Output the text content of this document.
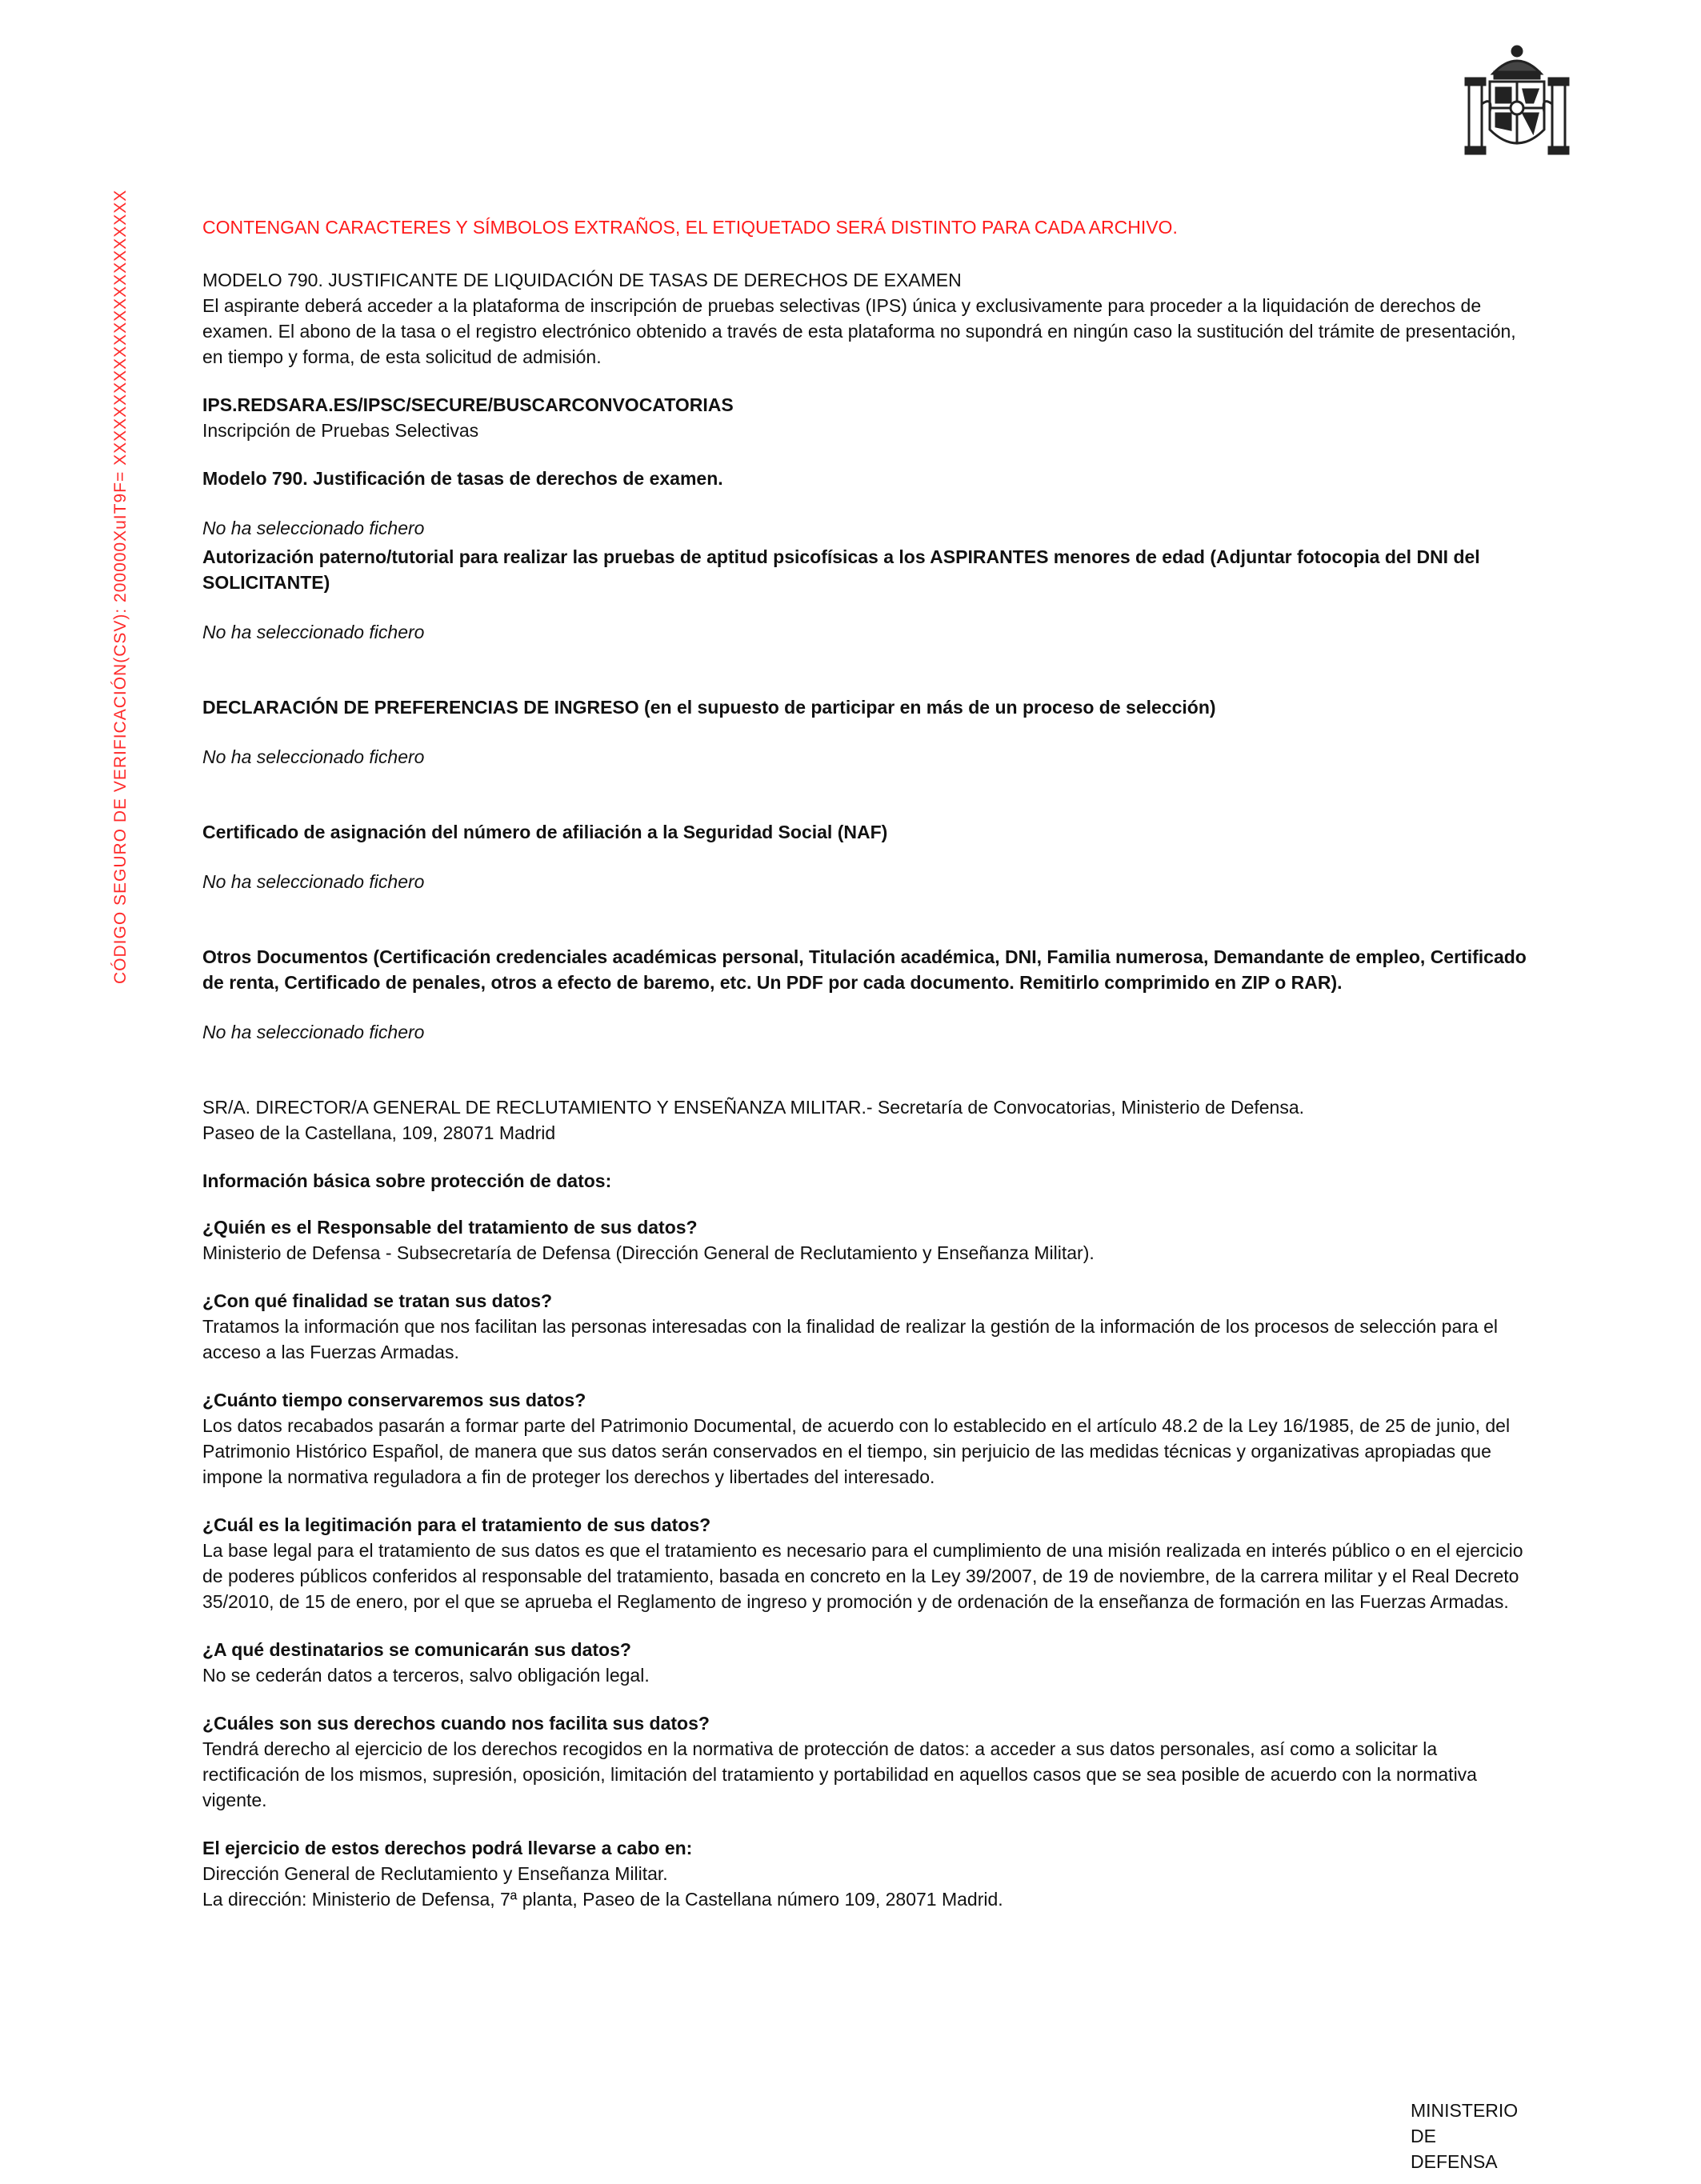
CÓDIGO SEGURO DE VERIFICACIÓN(CSV): 200000XuIT9F= XXXXXXXXXXXXXXXXXXXXXXX	CONTENGAN CARACTERES Y SÍMBOLOS EXTRAÑOS, EL ETIQUETADO SERÁ DISTINTO PARA CADA ARCHIVO.

MODELO 790. JUSTIFICANTE DE LIQUIDACIÓN DE TASAS DE DERECHOS DE EXAMEN

El aspirante deberá acceder a la plataforma de inscripción de pruebas selectivas (IPS) única y exclusivamente para proceder a la liquidación de derechos de examen. El abono de la tasa o el registro electrónico obtenido a través de esta plataforma no supondrá en ningún caso la sustitución del trámite de presentación, en tiempo y forma, de esta solicitud de admisión.

IPS.REDSARA.ES/IPSC/SECURE/BUSCARCONVOCATORIAS

Inscripción de Pruebas Selectivas

Modelo 790. Justificación de tasas de derechos de examen.

No ha seleccionado fichero

Autorización paterno/tutorial para realizar las pruebas de aptitud psicofísicas a los ASPIRANTES menores de edad (Adjuntar fotocopia del DNI del SOLICITANTE)

No ha seleccionado fichero

DECLARACIÓN DE PREFERENCIAS DE INGRESO (en el supuesto de participar en más de un proceso de selección)

No ha seleccionado fichero

Certificado de asignación del número de afiliación a la Seguridad Social (NAF)

No ha seleccionado fichero

Otros Documentos (Certificación credenciales académicas personal, Titulación académica, DNI, Familia numerosa, Demandante de empleo, Certificado de renta, Certificado de penales, otros a efecto de baremo, etc. Un PDF por cada documento. Remitirlo comprimido en ZIP o RAR).

No ha seleccionado fichero

SR/A. DIRECTOR/A GENERAL DE RECLUTAMIENTO Y ENSEÑANZA MILITAR.- Secretaría de Convocatorias, Ministerio de Defensa.

Paseo de la Castellana, 109, 28071 Madrid

Información básica sobre protección de datos:

¿Quién es el Responsable del tratamiento de sus datos?

Ministerio de Defensa - Subsecretaría de Defensa (Dirección General de Reclutamiento y Enseñanza Militar).

¿Con qué finalidad se tratan sus datos?

Tratamos la información que nos facilitan las personas interesadas con la finalidad de realizar la gestión de la información de los procesos de selección para el acceso a las Fuerzas Armadas.

¿Cuánto tiempo conservaremos sus datos?

Los datos recabados pasarán a formar parte del Patrimonio Documental, de acuerdo con lo establecido en el artículo 48.2 de la Ley 16/1985, de 25 de junio, del Patrimonio Histórico Español, de manera que sus datos serán conservados en el tiempo, sin perjuicio de las medidas técnicas y organizativas apropiadas que impone la normativa reguladora a fin de proteger los derechos y libertades del interesado.

¿Cuál es la legitimación para el tratamiento de sus datos?

La base legal para el tratamiento de sus datos es que el tratamiento es necesario para el cumplimiento de una misión realizada en interés público o en el ejercicio de poderes públicos conferidos al responsable del tratamiento, basada en concreto en la Ley 39/2007, de 19 de noviembre, de la carrera militar y el Real Decreto 35/2010, de 15 de enero, por el que se aprueba el Reglamento de ingreso y promoción y de ordenación de la enseñanza de formación en las Fuerzas Armadas.

¿A qué destinatarios se comunicarán sus datos?

No se cederán datos a terceros, salvo obligación legal.

¿Cuáles son sus derechos cuando nos facilita sus datos?

Tendrá derecho al ejercicio de los derechos recogidos en la normativa de protección de datos: a acceder a sus datos personales, así como a solicitar la rectificación de los mismos, supresión, oposición, limitación del tratamiento y portabilidad en aquellos casos que se sea posible de acuerdo con la normativa vigente.

El ejercicio de estos derechos podrá llevarse a cabo en:

Dirección General de Reclutamiento y Enseñanza Militar.

La dirección: Ministerio de Defensa, 7ª planta, Paseo de la Castellana número 109, 28071 Madrid.

MINISTERIO
DE
DEFENSA
